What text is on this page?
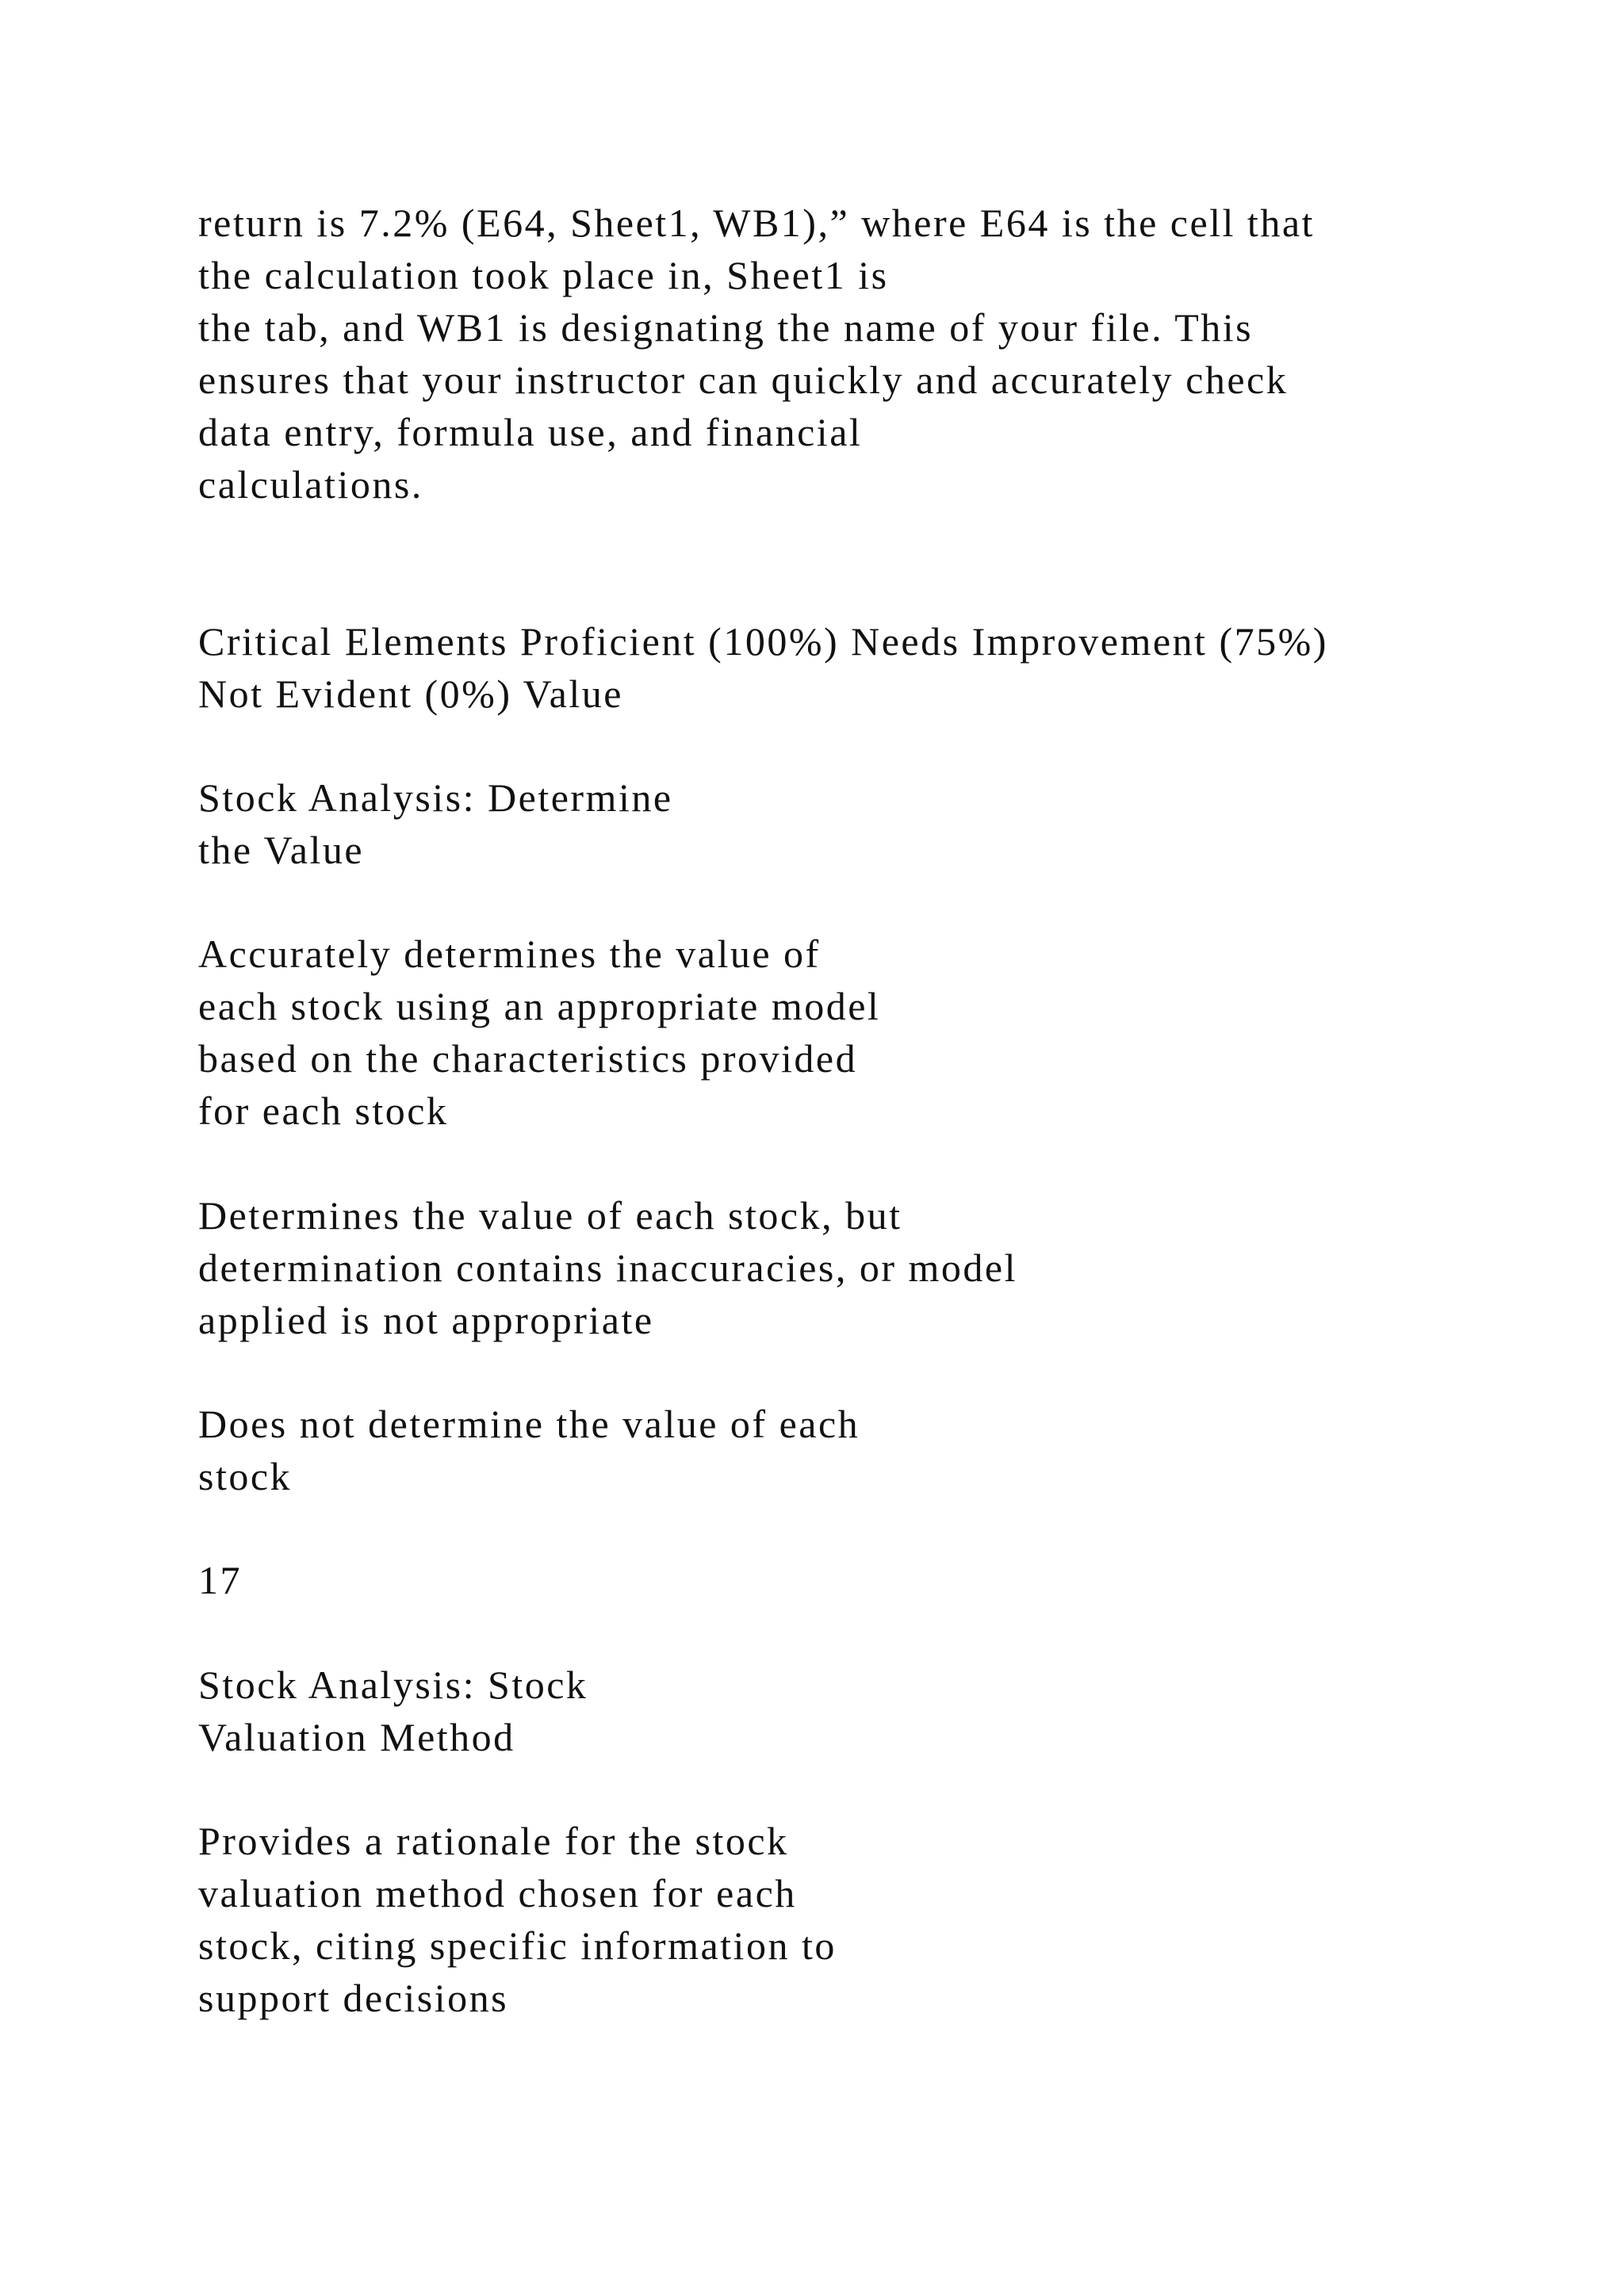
return is 7.2% (E64, Sheet1, WB1),” where E64 is the cell that
the calculation took place in, Sheet1 is
the tab, and WB1 is designating the name of your file. This
ensures that your instructor can quickly and accurately check
data entry, formula use, and financial
calculations.
Critical Elements Proficient (100%) Needs Improvement (75%)
Not Evident (0%) Value
Stock Analysis: Determine
the Value
Accurately determines the value of
each stock using an appropriate model
based on the characteristics provided
for each stock
Determines the value of each stock, but
determination contains inaccuracies, or model
applied is not appropriate
Does not determine the value of each
stock
17
Stock Analysis: Stock
Valuation Method
Provides a rationale for the stock
valuation method chosen for each
stock, citing specific information to
support decisions
